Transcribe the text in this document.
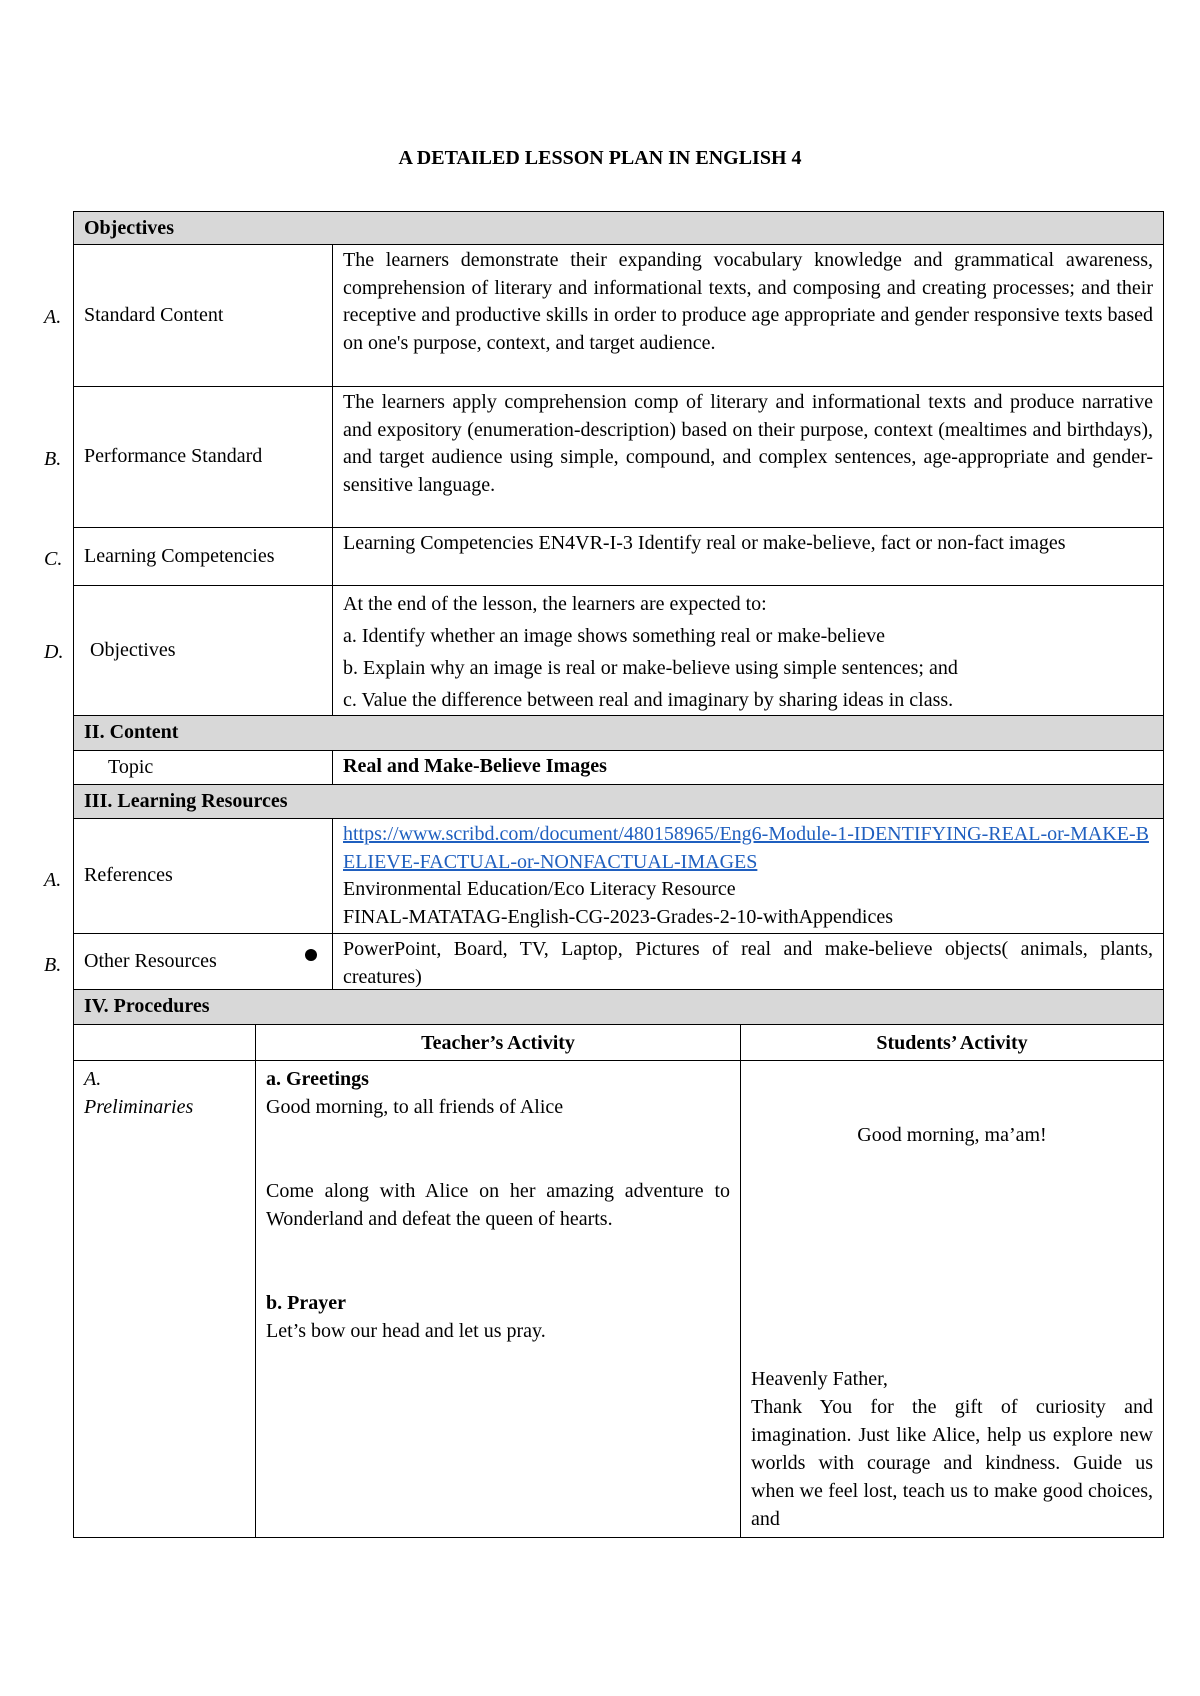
A DETAILED LESSON PLAN IN ENGLISH 4
A.
B.
C.
D.
A.
B.
Objectives
Standard Content
The learners demonstrate their expanding vocabulary knowledge and grammatical awareness, comprehension of literary and informational texts, and composing and creating processes; and their receptive and productive skills in order to produce age appropriate and gender responsive texts based on one's purpose, context, and target audience.
Performance Standard
The learners apply comprehension comp of literary and informational texts and produce narrative and expository (enumeration-description) based on their purpose, context (mealtimes and birthdays), and target audience using simple, compound, and complex sentences, age-appropriate and gender-sensitive language.
Learning Competencies
Learning Competencies EN4VR-I-3 Identify real or make-believe, fact or non-fact images
Objectives

At the end of the lesson, the learners are expected to:

a. Identify whether an image shows something real or make-believe

b. Explain why an image is real or make-believe using simple sentences; and

c. Value the difference between real and imaginary by sharing ideas in class.

II. Content
Topic	Real and Make-Believe Images
III. Learning Resources
References

https://www.scribd.com/document/480158965/Eng6-Module-1-IDENTIFYING-REAL-or-MAKE-BELIEVE-FACTUAL-or-NONFACTUAL-IMAGES

Environmental Education/Eco Literacy Resource

FINAL-MATATAG-English-CG-2023-Grades-2-10-withAppendices

Other Resources
PowerPoint, Board, TV, Laptop, Pictures of real and make-believe objects( animals, plants, creatures)
IV. Procedures
Teacher’s Activity	Students’ Activity
A.
Preliminaries
a. Greetings
Good morning, to all friends of Alice
Come along with Alice on her amazing adventure to Wonderland and defeat the queen of hearts.
b. Prayer
Let’s bow our head and let us pray.
Good morning, ma’am!
Heavenly Father,
Thank You for the gift of curiosity and imagination. Just like Alice, help us explore new worlds with courage and kindness. Guide us when we feel lost, teach us to make good choices, and
